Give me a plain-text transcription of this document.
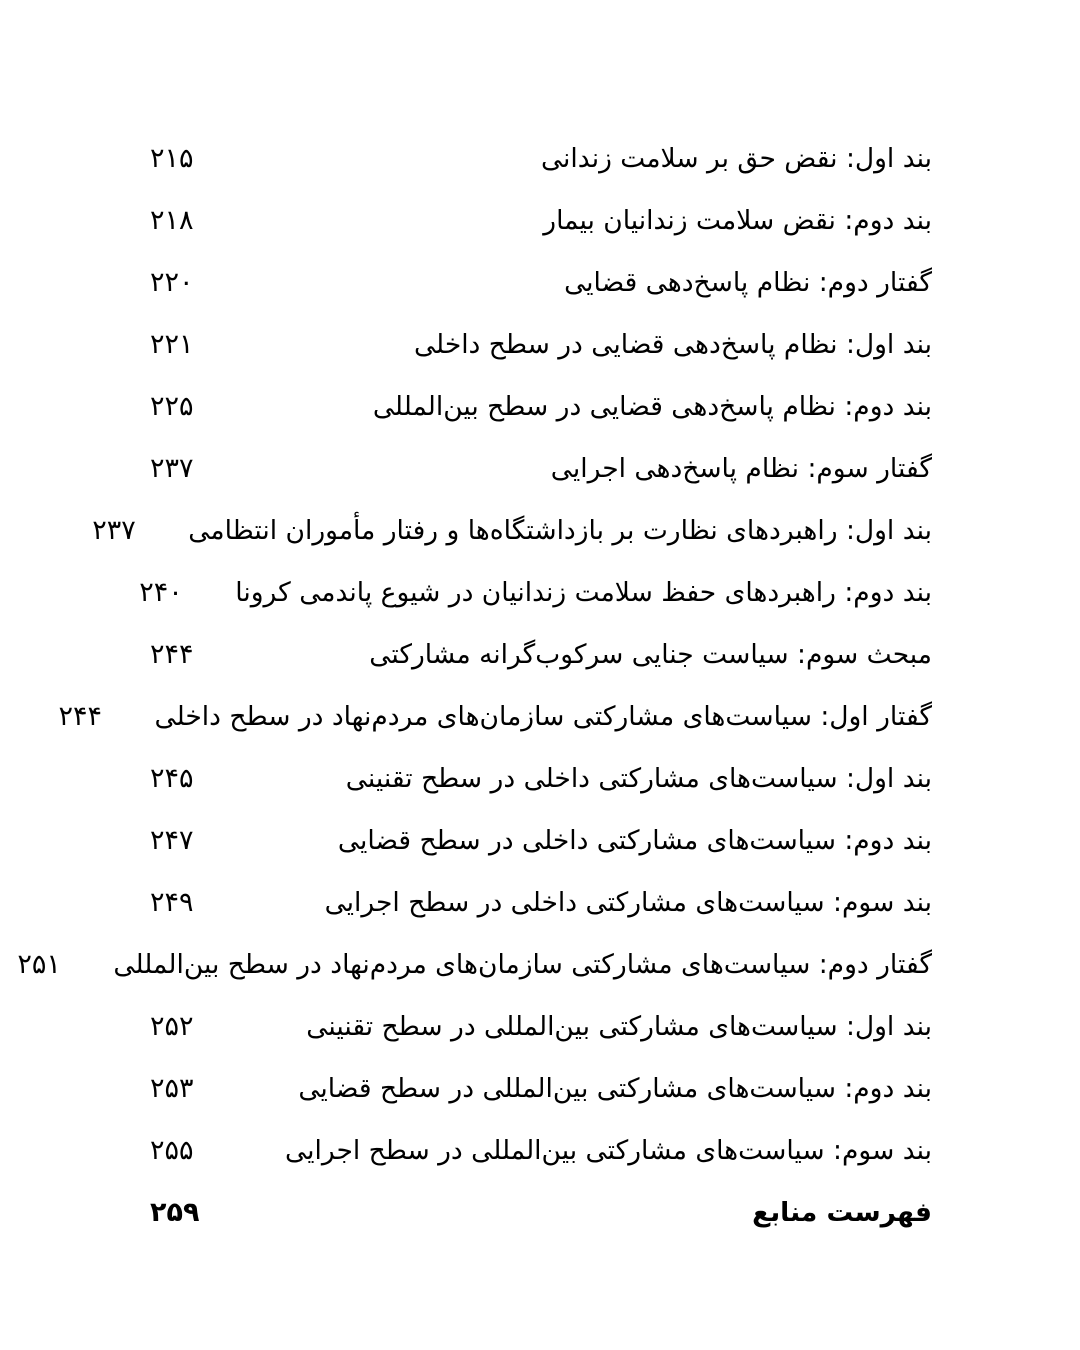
بند اول: نقض حق بر سلامت زندانی
۲۱۵
بند دوم: نقض سلامت زندانیان بیمار
۲۱۸
گفتار دوم: نظام پاسخ‌دهی قضایی
۲۲۰
بند اول: نظام پاسخ‌دهی قضایی در سطح داخلی
۲۲۱
بند دوم: نظام پاسخ‌دهی قضایی در سطح بین‌المللی
۲۲۵
گفتار سوم: نظام پاسخ‌دهی اجرایی
۲۳۷
بند اول: راهبردهای نظارت بر بازداشتگاه‌ها و رفتار مأموران انتظامی
۲۳۷
بند دوم: راهبردهای حفظ سلامت زندانیان در شیوع پاندمی کرونا
۲۴۰
مبحث سوم: سیاست جنایی سرکوب‌گرانه مشارکتی
۲۴۴
گفتار اول: سیاست‌های مشارکتی سازمان‌های مردم‌نهاد در سطح داخلی
۲۴۴
بند اول: سیاست‌های مشارکتی داخلی در سطح تقنینی
۲۴۵
بند دوم: سیاست‌های مشارکتی داخلی در سطح قضایی
۲۴۷
بند سوم: سیاست‌های مشارکتی داخلی در سطح اجرایی
۲۴۹
گفتار دوم: سیاست‌های مشارکتی سازمان‌های مردم‌نهاد در سطح بین‌المللی
۲۵۱
بند اول: سیاست‌های مشارکتی بین‌المللی در سطح تقنینی
۲۵۲
بند دوم: سیاست‌های مشارکتی بین‌المللی در سطح قضایی
۲۵۳
بند سوم: سیاست‌های مشارکتی بین‌المللی در سطح اجرایی
۲۵۵
فهرست منابع
۲۵۹
